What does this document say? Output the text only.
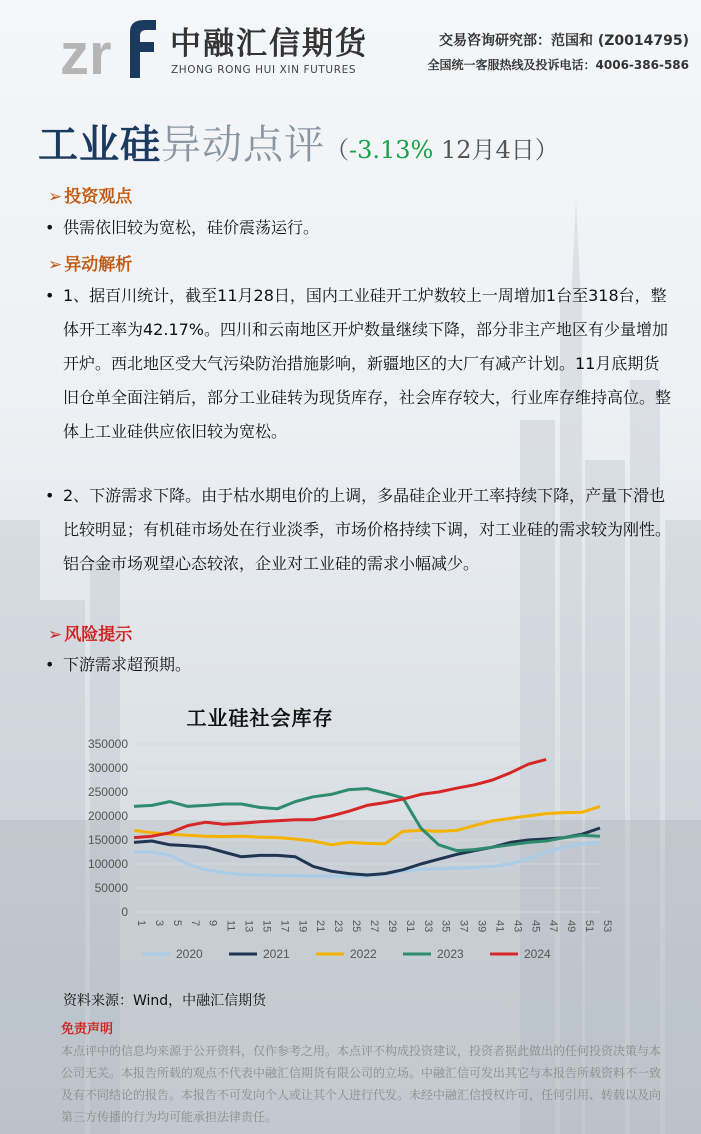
zr 中融汇信期货
ZHONG RONG HUI XIN FUTURES
交易咨询研究部：范国和 (Z0014795)
全国统一客服热线及投诉电话：4006-386-586
工业硅异动点评（-3.13% 12月4日）
➢ 投资观点
• 供需依旧较为宽松，硅价震荡运行。
➢ 异动解析
• 1、据百川统计，截至11月28日，国内工业硅开工炉数较上一周增加1台至318台，整体开工率为42.17%。四川和云南地区开炉数量继续下降，部分非主产地区有少量增加开炉。西北地区受大气污染防治措施影响，新疆地区的大厂有减产计划。11月底期货旧仓单全面注销后，部分工业硅转为现货库存，社会库存较大，行业库存维持高位。整体上工业硅供应依旧较为宽松。
• 2、下游需求下降。由于枯水期电价的上调，多晶硅企业开工率持续下降，产量下滑也比较明显；有机硅市场处在行业淡季，市场价格持续下调，对工业硅的需求较为刚性。铝合金市场观望心态较浓，企业对工业硅的需求小幅减少。
➢ 风险提示
• 下游需求超预期。
工业硅社会库存
0
50000
100000
150000
200000
250000
300000
350000
1 3 5 7 9 11 13 15 17 19 21 23 25 27 29 31 33 35 37 39 41 43 45 47 49 51 53
2020	2021	2022	2023	2024
资料来源：Wind，中融汇信期货
免责声明
本点评中的信息均来源于公开资料，仅作参考之用。本点评不构成投资建议，投资者据此做出的任何投资决策与本公司无关。本报告所载的观点不代表中融汇信期货有限公司的立场。中融汇信可发出其它与本报告所载资料不一致及有不同结论的报告。本报告不可发向个人或让其个人进行代发。未经中融汇信授权许可，任何引用、转载以及向第三方传播的行为均可能承担法律责任。
